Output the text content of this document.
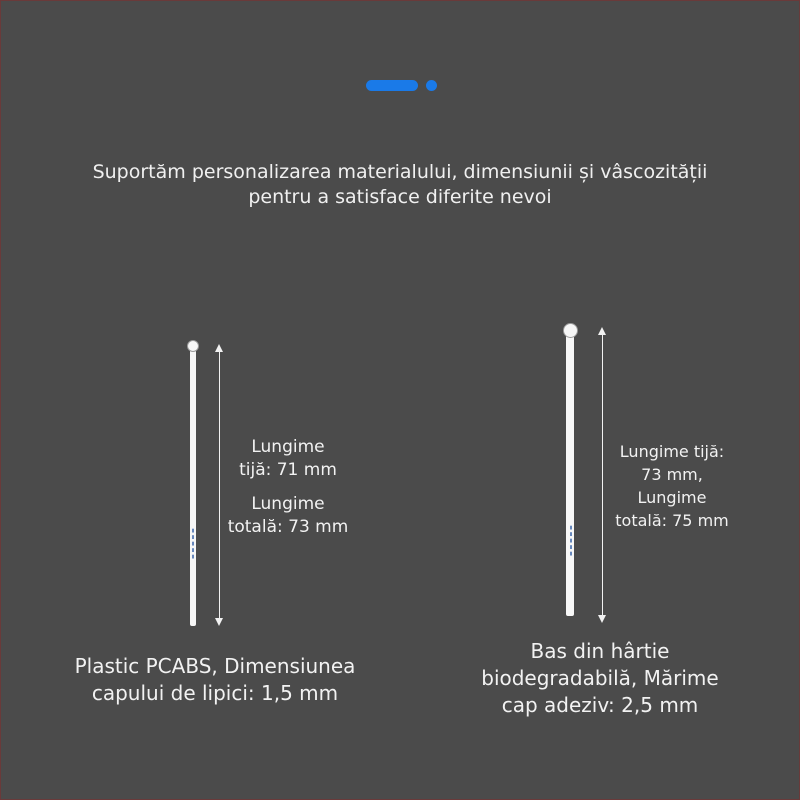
Suportăm personalizarea materialului, dimensiunii și vâscozității
pentru a satisface diferite nevoi
▮▮▮▮▮
Lungime
tijă: 71 mm
Lungime
totală: 73 mm
Plastic PCABS, Dimensiunea
capului de lipici: 1,5 mm
▮▮▮▮▮
Lungime tijă:
73 mm,
Lungime
totală: 75 mm
Bas din hârtie
biodegradabilă, Mărime
cap adeziv: 2,5 mm
